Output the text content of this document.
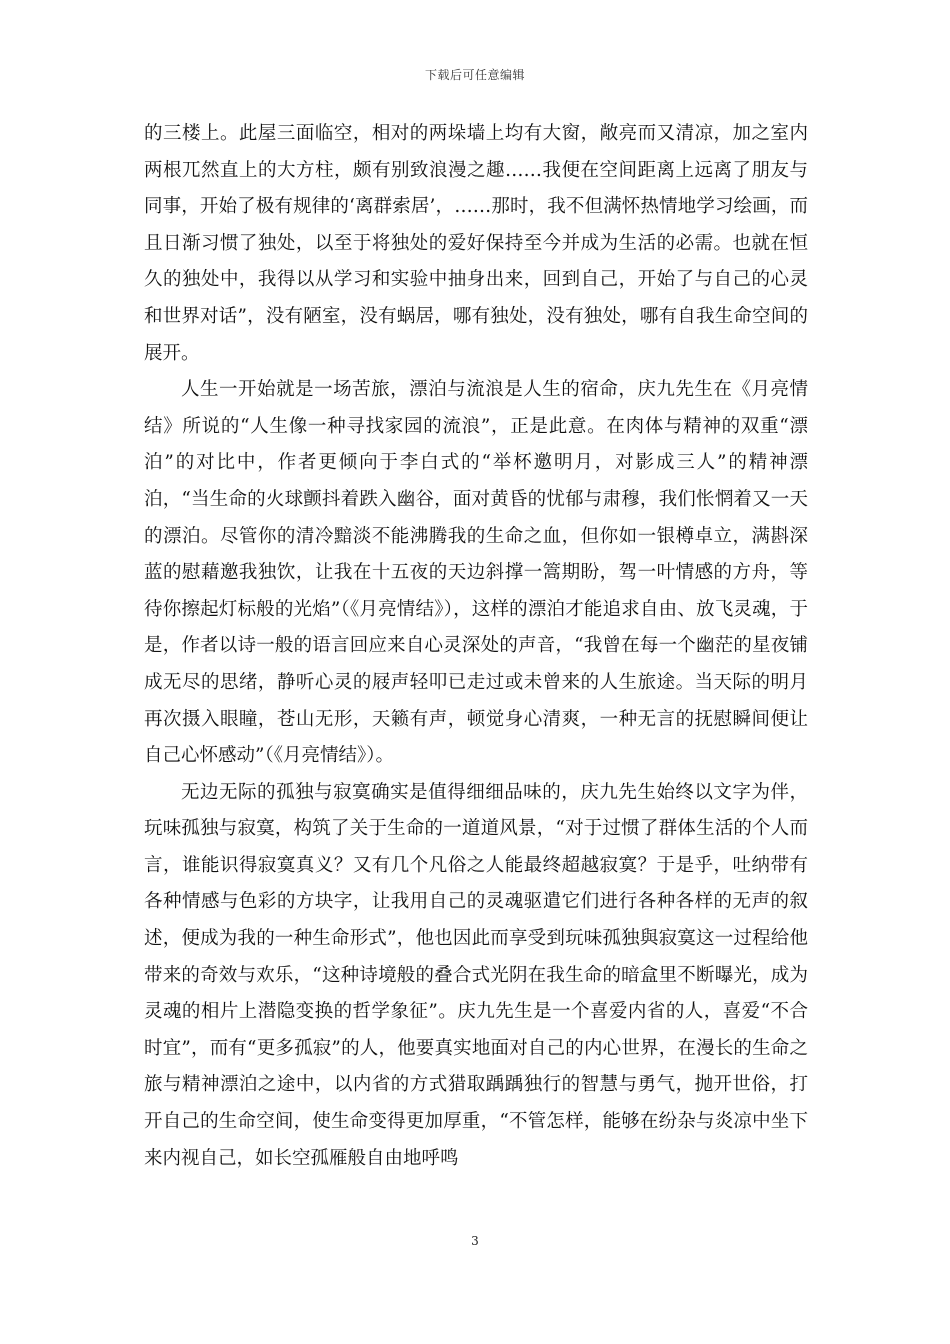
下载后可任意编辑

的三楼上。此屋三面临空，相对的两垛墙上均有大窗，敞亮而又清凉，加之室内两根兀然直上的大方柱，颇有别致浪漫之趣……我便在空间距离上远离了朋友与同事，开始了极有规律的‘离群索居’，……那时，我不但满怀热情地学习绘画，而且日渐习惯了独处，以至于将独处的爱好保持至今并成为生活的必需。也就在恒久的独处中，我得以从学习和实验中抽身出来，回到自己，开始了与自己的心灵和世界对话”，没有陋室，没有蜗居，哪有独处，没有独处，哪有自我生命空间的展开。

人生一开始就是一场苦旅，漂泊与流浪是人生的宿命，庆九先生在《月亮情结》所说的“人生像一种寻找家园的流浪”，正是此意。在肉体与精神的双重“漂泊”的对比中，作者更倾向于李白式的“举杯邀明月，对影成三人”的精神漂泊，“当生命的火球颤抖着跌入幽谷，面对黄昏的忧郁与肃穆，我们怅惘着又一天的漂泊。尽管你的清冷黯淡不能沸腾我的生命之血，但你如一银樽卓立，满斟深蓝的慰藉邀我独饮，让我在十五夜的天边斜撑一篙期盼，驾一叶情感的方舟，等待你擦起灯标般的光焰”（《月亮情结》），这样的漂泊才能追求自由、放飞灵魂，于是，作者以诗一般的语言回应来自心灵深处的声音，“我曾在每一个幽茫的星夜铺成无尽的思绪，静听心灵的屐声轻叩已走过或未曾来的人生旅途。当天际的明月再次摄入眼瞳，苍山无形，天籁有声，顿觉身心清爽，一种无言的抚慰瞬间便让自己心怀感动”（《月亮情结》）。

无边无际的孤独与寂寞确实是值得细细品味的，庆九先生始终以文字为伴，玩味孤独与寂寞，构筑了关于生命的一道道风景，“对于过惯了群体生活的个人而言，谁能识得寂寞真义？又有几个凡俗之人能最终超越寂寞？于是乎，吐纳带有各种情感与色彩的方块字，让我用自己的灵魂驱遣它们进行各种各样的无声的叙述，便成为我的一种生命形式”，他也因此而享受到玩味孤独與寂寞这一过程给他带来的奇效与欢乐，“这种诗境般的叠合式光阴在我生命的暗盒里不断曝光，成为灵魂的相片上潜隐变换的哲学象征”。庆九先生是一个喜爱内省的人，喜爱“不合时宜”，而有“更多孤寂”的人，他要真实地面对自己的内心世界，在漫长的生命之旅与精神漂泊之途中，以内省的方式猎取踽踽独行的智慧与勇气，抛开世俗，打开自己的生命空间，使生命变得更加厚重，“不管怎样，能够在纷杂与炎凉中坐下来内视自己，如长空孤雁般自由地呼鸣

3
